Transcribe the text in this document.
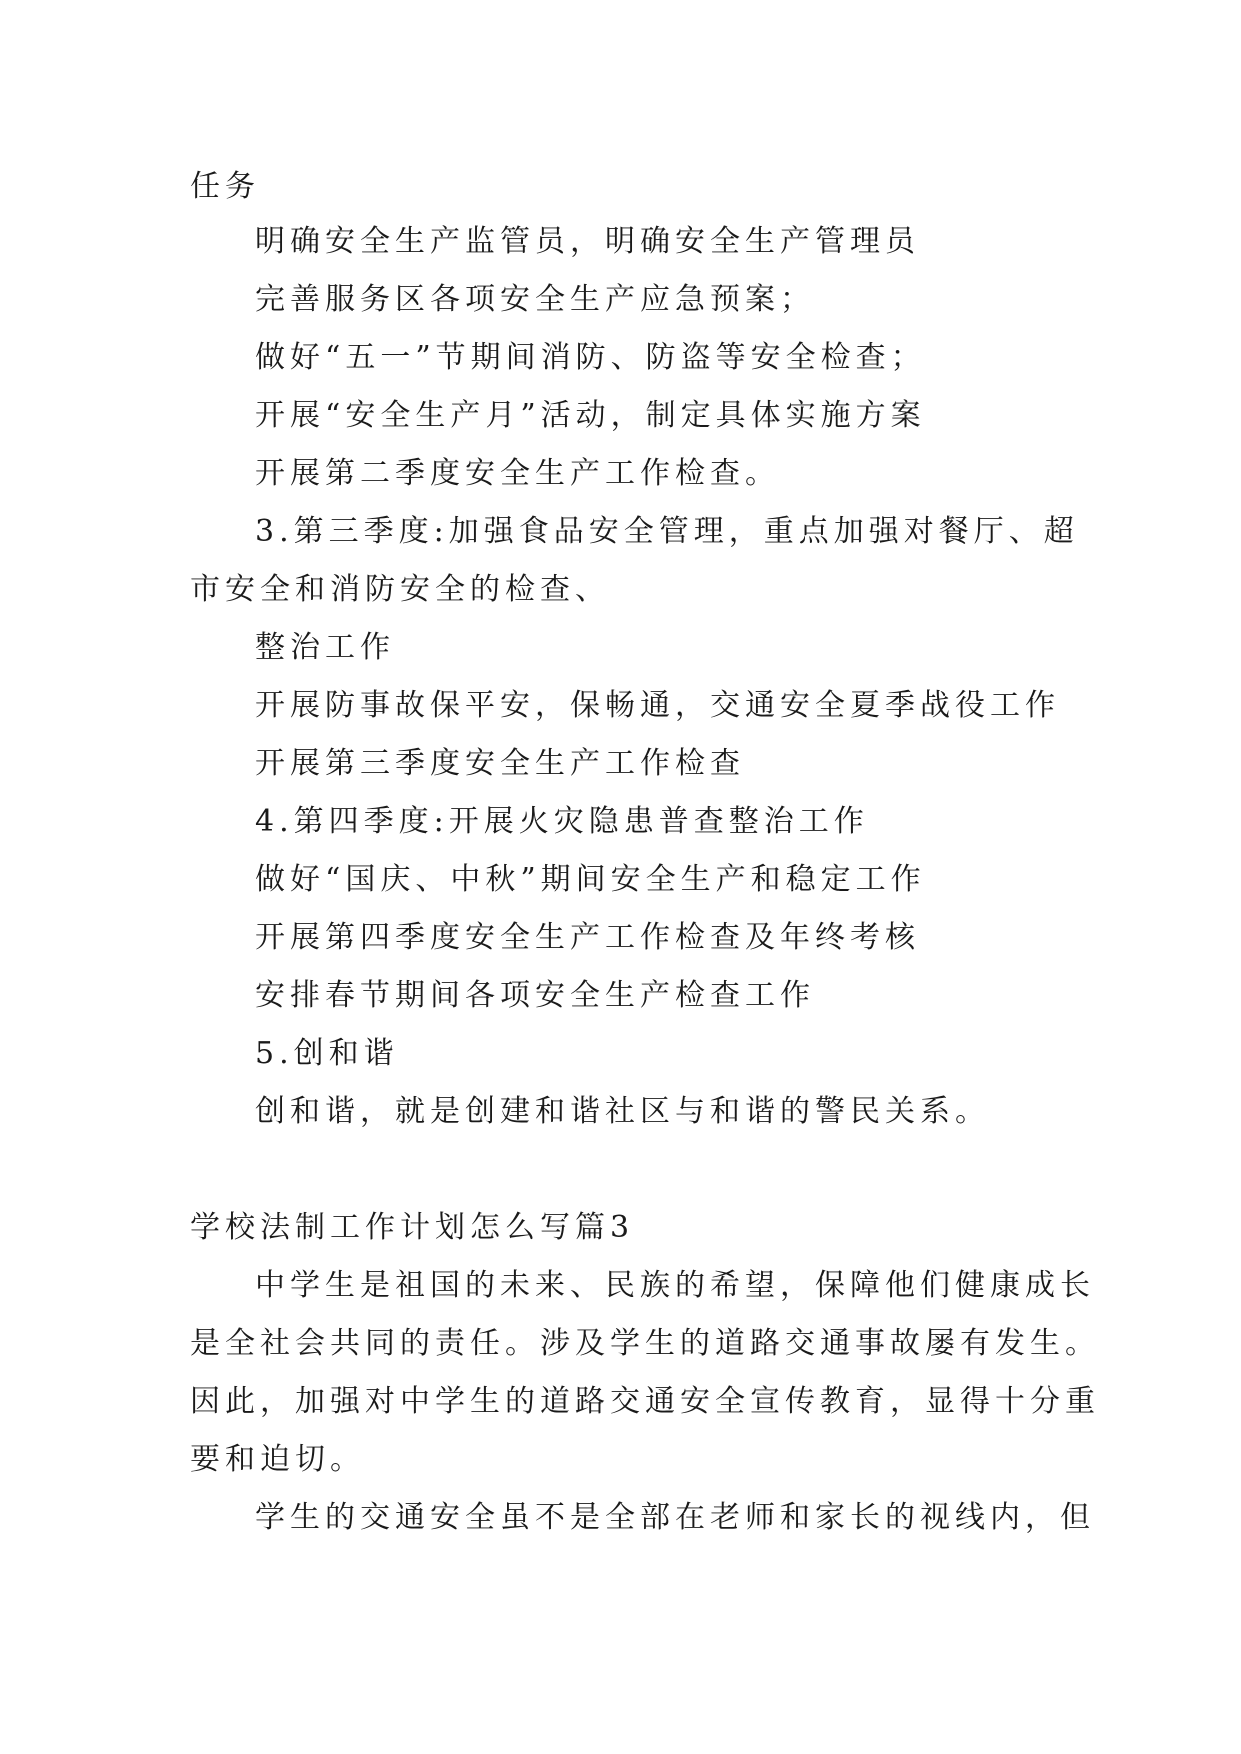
任务
明确安全生产监管员，明确安全生产管理员
完善服务区各项安全生产应急预案；
做好“五一”节期间消防、防盗等安全检查；
开展“安全生产月”活动，制定具体实施方案
开展第二季度安全生产工作检查。
3.第三季度:加强食品安全管理，重点加强对餐厅、超
市安全和消防安全的检查、
整治工作
开展防事故保平安，保畅通，交通安全夏季战役工作
开展第三季度安全生产工作检查
4.第四季度:开展火灾隐患普查整治工作
做好“国庆、中秋”期间安全生产和稳定工作
开展第四季度安全生产工作检查及年终考核
安排春节期间各项安全生产检查工作
5.创和谐
创和谐，就是创建和谐社区与和谐的警民关系。
学校法制工作计划怎么写篇3
中学生是祖国的未来、民族的希望，保障他们健康成长
是全社会共同的责任。涉及学生的道路交通事故屡有发生。
因此，加强对中学生的道路交通安全宣传教育，显得十分重
要和迫切。
学生的交通安全虽不是全部在老师和家长的视线内，但
